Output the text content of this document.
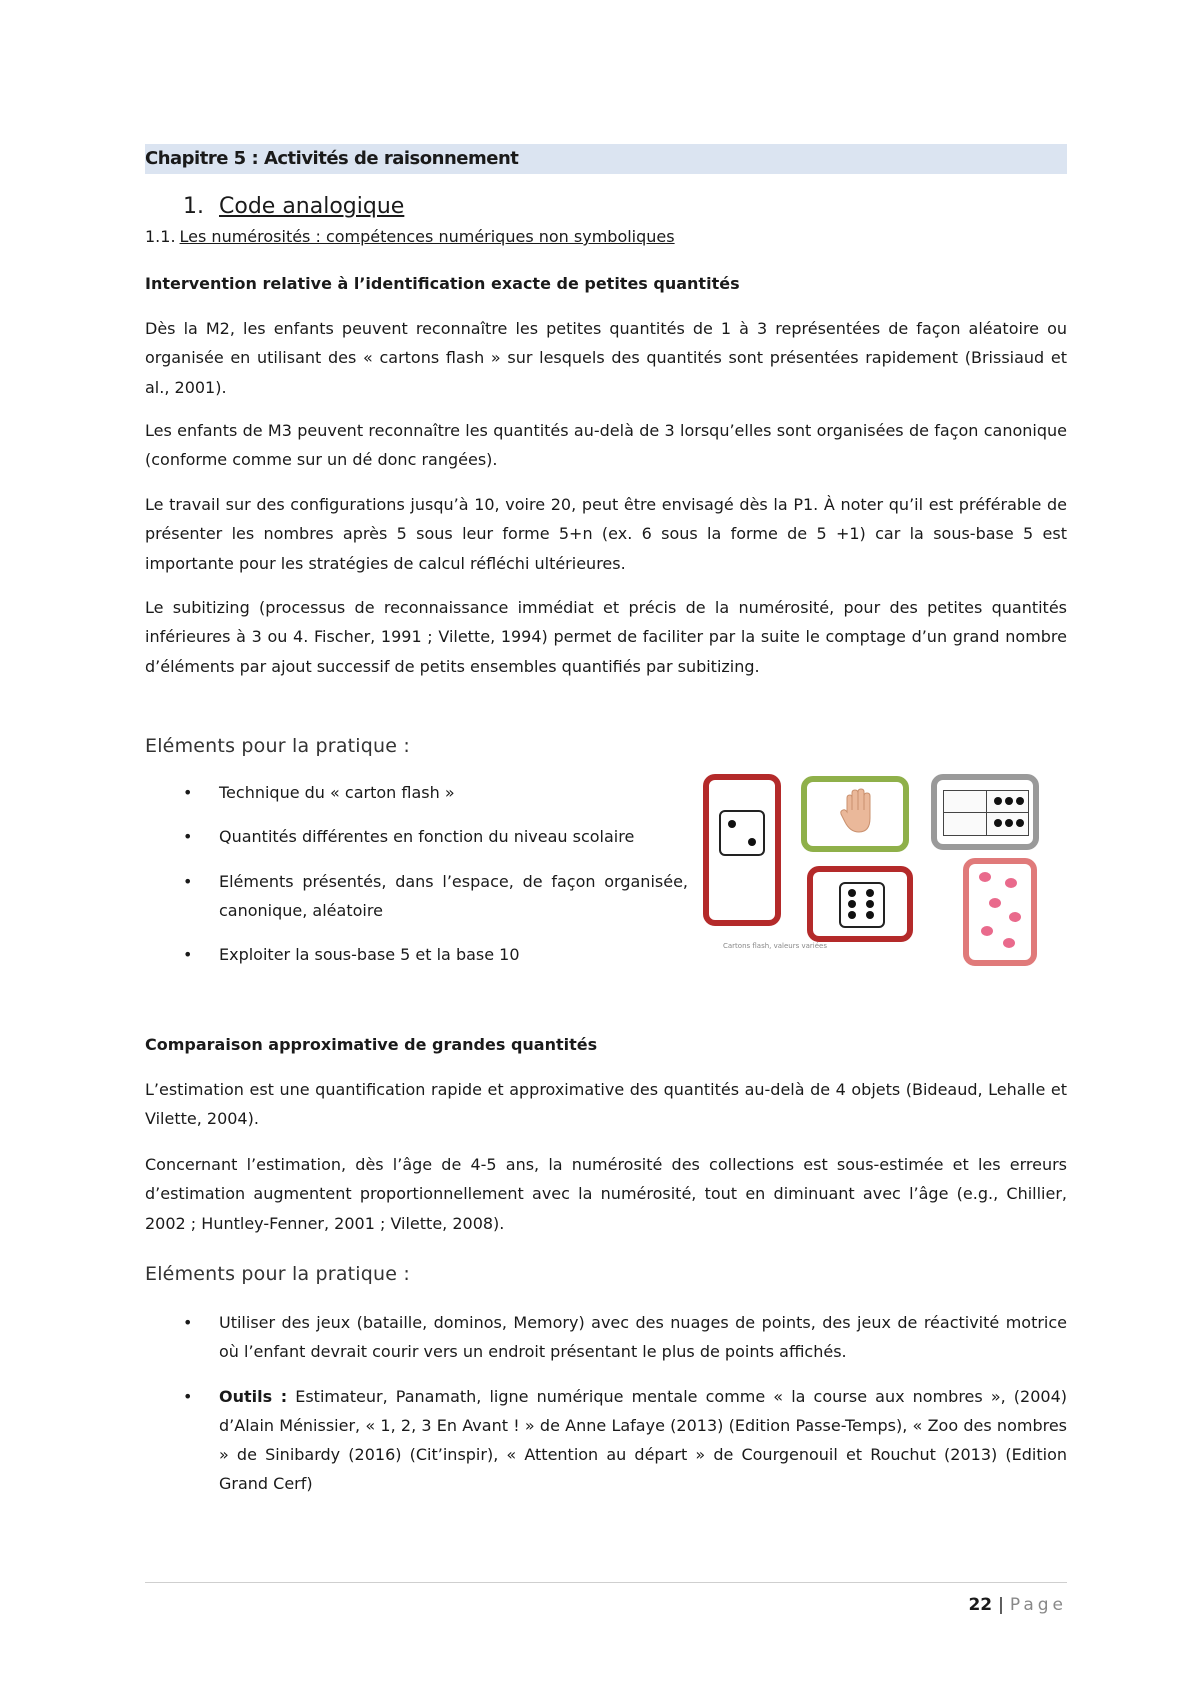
Chapitre 5 : Activités de raisonnement
1. Code analogique
1.1. Les numérosités : compétences numériques non symboliques
Intervention relative à l’identification exacte de petites quantités
Dès la M2, les enfants peuvent reconnaître les petites quantités de 1 à 3 représentées de façon aléatoire ou organisée en utilisant des « cartons flash » sur lesquels des quantités sont présentées rapidement (Brissiaud et al., 2001).
Les enfants de M3 peuvent reconnaître les quantités au-delà de 3 lorsqu’elles sont organisées de façon canonique (conforme comme sur un dé donc rangées).
Le travail sur des configurations jusqu’à 10, voire 20, peut être envisagé dès la P1. À noter qu’il est préférable de présenter les nombres après 5 sous leur forme 5+n (ex. 6 sous la forme de 5 +1) car la sous-base 5 est importante pour les stratégies de calcul réfléchi ultérieures.
Le subitizing (processus de reconnaissance immédiat et précis de la numérosité, pour des petites quantités inférieures à 3 ou 4. Fischer, 1991 ; Vilette, 1994) permet de faciliter par la suite le comptage d’un grand nombre d’éléments par ajout successif de petits ensembles quantifiés par subitizing.
Eléments pour la pratique :
• Technique du « carton flash »
• Quantités différentes en fonction du niveau scolaire
• Eléments présentés, dans l’espace, de façon organisée, canonique, aléatoire
• Exploiter la sous-base 5 et la base 10	Cartons flash, valeurs variées
Comparaison approximative de grandes quantités
L’estimation est une quantification rapide et approximative des quantités au-delà de 4 objets (Bideaud, Lehalle et Vilette, 2004).
Concernant l’estimation, dès l’âge de 4-5 ans, la numérosité des collections est sous-estimée et les erreurs d’estimation augmentent proportionnellement avec la numérosité, tout en diminuant avec l’âge (e.g., Chillier, 2002 ; Huntley-Fenner, 2001 ; Vilette, 2008).
Eléments pour la pratique :
• Utiliser des jeux (bataille, dominos, Memory) avec des nuages de points, des jeux de réactivité motrice où l’enfant devrait courir vers un endroit présentant le plus de points affichés.
• Outils : Estimateur, Panamath, ligne numérique mentale comme « la course aux nombres », (2004) d’Alain Ménissier, « 1, 2, 3 En Avant ! » de Anne Lafaye (2013) (Edition Passe-Temps), « Zoo des nombres » de Sinibardy (2016) (Cit’inspir), « Attention au départ » de Courgenouil et Rouchut (2013) (Edition Grand Cerf)
22 | Page
